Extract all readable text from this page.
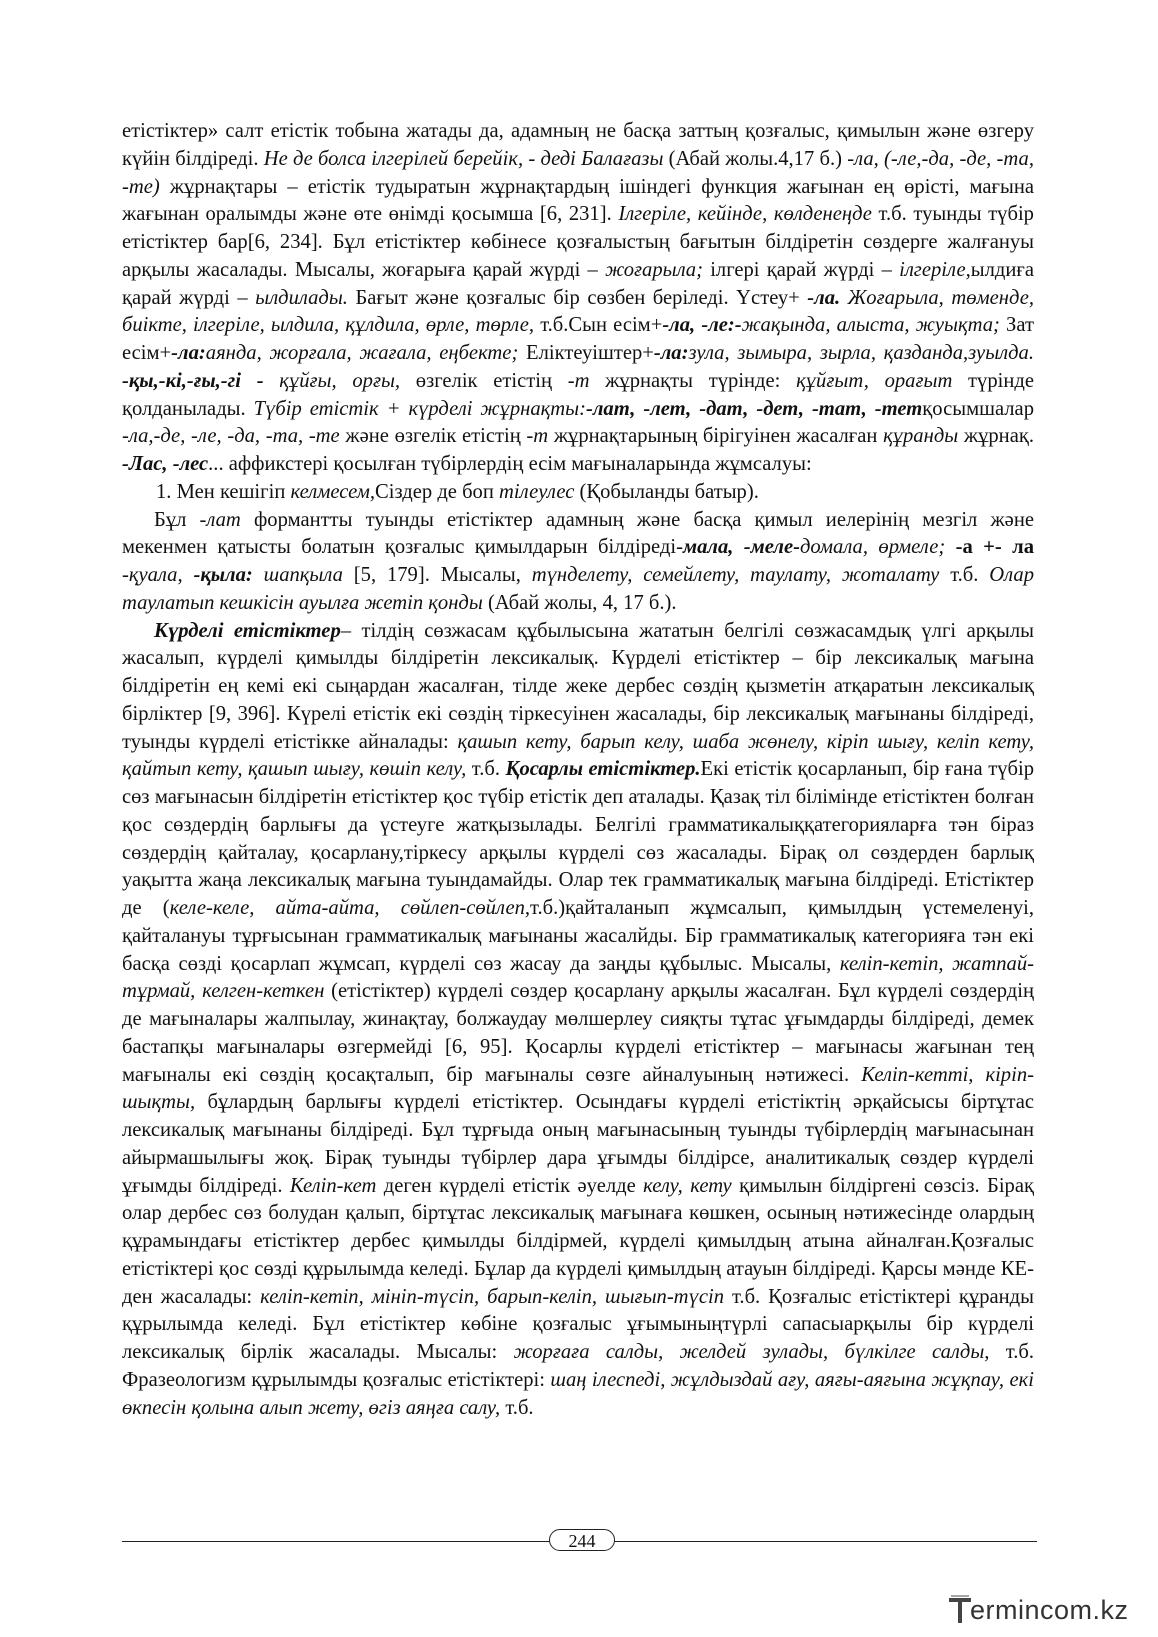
етістіктер» салт етістік тобына жатады да, адамның не басқа заттың қозғалыс, қимылын және өзгеру күйін білдіреді. Не де болса ілгерілей берейік, - деді Балағазы (Абай жолы.4,17 б.) -ла, (-ле,-да, -де, -та, -те) жұрнақтары – етістік тудыратын жұрнақтардың ішіндегі функция жағынан ең өрісті, мағына жағынан оралымды және өте өнімді қосымша [6, 231]. Ілгеріле, кейінде, көлденеңде т.б. туынды түбір етістіктер бар[6, 234]. Бұл етістіктер көбінесе қозғалыстың бағытын білдіретін сөздерге жалғануы арқылы жасалады. Мысалы, жоғарыға қарай жүрді – жоғарыла; ілгері қарай жүрді – ілгеріле,ылдиға қарай жүрді – ылдилады. Бағыт және қозғалыс бір сөзбен беріледі. Үстеу+ -ла. Жоғарыла, төменде, биікте, ілгеріле, ылдила, құлдила, өрле, төрле, т.б.Сын есім+-ла, -ле:-жақында, алыста, жуықта; Зат есім+-ла:аянда, жорғала, жағала, еңбекте; Еліктеуіштер+-ла:зула, зымыра, зырла, қазданда,зуылда. -қы,-кі,-ғы,-гі - құйғы, орғы, өзгелік етістің -т жұрнақты түрінде: құйғыт, орағыт түрінде қолданылады. Түбір етістік + күрделі жұрнақты:-лат, -лет, -дат, -дет, -тат, -тетқосымшалар -ла,-де, -ле, -да, -та, -те және өзгелік етістің -т жұрнақтарының бірігуінен жасалған құранды жұрнақ. -Лас, -лес... аффикстері қосылған түбірлердің есім мағыналарында жұмсалуы:

1. Мен кешігіп келмесем,Сіздер де боп тілеулес (Қобыланды батыр).

Бұл -лат формантты туынды етістіктер адамның және басқа қимыл иелерінің мезгіл және мекенмен қатысты болатын қозғалыс қимылдарын білдіреді-мала, -меле-домала, өрмеле; -а +- ла -қуала, -қыла: шапқыла [5, 179]. Мысалы, түнделету, семейлету, таулату, жоталату т.б. Олар таулатып кешкісін ауылға жетіп қонды (Абай жолы, 4, 17 б.).

Күрделі етістіктер– тілдің сөзжасам құбылысына жататын белгілі сөзжасамдық үлгі арқылы жасалып, күрделі қимылды білдіретін лексикалық. Күрделі етістіктер – бір лексикалық мағына білдіретін ең кемі екі сыңардан жасалған, тілде жеке дербес сөздің қызметін атқаратын лексикалық бірліктер [9, 396]. Күрелі етістік екі сөздің тіркесуінен жасалады, бір лексикалық мағынаны білдіреді, туынды күрделі етістікке айналады: қашып кету, барып келу, шаба жөнелу, кіріп шығу, келіп кету, қайтып кету, қашып шығу, көшіп келу, т.б. Қосарлы етістіктер.Екі етістік қосарланып, бір ғана түбір сөз мағынасын білдіретін етістіктер қос түбір етістік деп аталады. Қазақ тіл білімінде етістіктен болған қос сөздердің барлығы да үстеуге жатқызылады. Белгілі грамматикалыққатегорияларға тән біраз сөздердің қайталау, қосарлану,тіркесу арқылы күрделі сөз жасалады. Бірақ ол сөздерден барлық уақытта жаңа лексикалық мағына туындамайды. Олар тек грамматикалық мағына білдіреді. Етістіктер де (келе-келе, айта-айта, сөйлеп-сөйлеп,т.б.)қайталанып жұмсалып, қимылдың үстемеленуі, қайталануы тұрғысынан грамматикалық мағынаны жасалйды. Бір грамматикалық категорияға тән екі басқа сөзді қосарлап жұмсап, күрделі сөз жасау да заңды құбылыс. Мысалы, келіп-кетіп, жатпай-тұрмай, келген-кеткен (етістіктер) күрделі сөздер қосарлану арқылы жасалған. Бұл күрделі сөздердің де мағыналары жалпылау, жинақтау, болжаудау мөлшерлеу сияқты тұтас ұғымдарды білдіреді, демек бастапқы мағыналары өзгермейді [6, 95]. Қосарлы күрделі етістіктер – мағынасы жағынан тең мағыналы екі сөздің қосақталып, бір мағыналы сөзге айналуының нәтижесі. Келіп-кетті, кіріп-шықты, бұлардың барлығы күрделі етістіктер. Осындағы күрделі етістіктің әрқайсысы біртұтас лексикалық мағынаны білдіреді. Бұл тұрғыда оның мағынасының туынды түбірлердің мағынасынан айырмашылығы жоқ. Бірақ туынды түбірлер дара ұғымды білдірсе, аналитикалық сөздер күрделі ұғымды білдіреді. Келіп-кет деген күрделі етістік әуелде келу, кету қимылын білдіргені сөзсіз. Бірақ олар дербес сөз болудан қалып, біртұтас лексикалық мағынаға көшкен, осының нәтижесінде олардың құрамындағы етістіктер дербес қимылды білдірмей, күрделі қимылдың атына айналған.Қозғалыс етістіктері қос сөзді құрылымда келеді. Бұлар да күрделі қимылдың атауын білдіреді. Қарсы мәнде КЕ-ден жасалады: келіп-кетіп, мініп-түсіп, барып-келіп, шығып-түсіп т.б. Қозғалыс етістіктері құранды құрылымда келеді. Бұл етістіктер көбіне қозғалыс ұғымыныңтүрлі сапасыарқылы бір күрделі лексикалық бірлік жасалады. Мысалы: жорғаға салды, желдей зулады, бүлкілге салды, т.б. Фразеологизм құрылымды қозғалыс етістіктері: шаң ілеспеді, жұлдыздай ағу, аяғы-аяғына жұқпау, екі өкпесін қолына алып жету, өгіз аяңға салу, т.б.

244
ermincom.kz
